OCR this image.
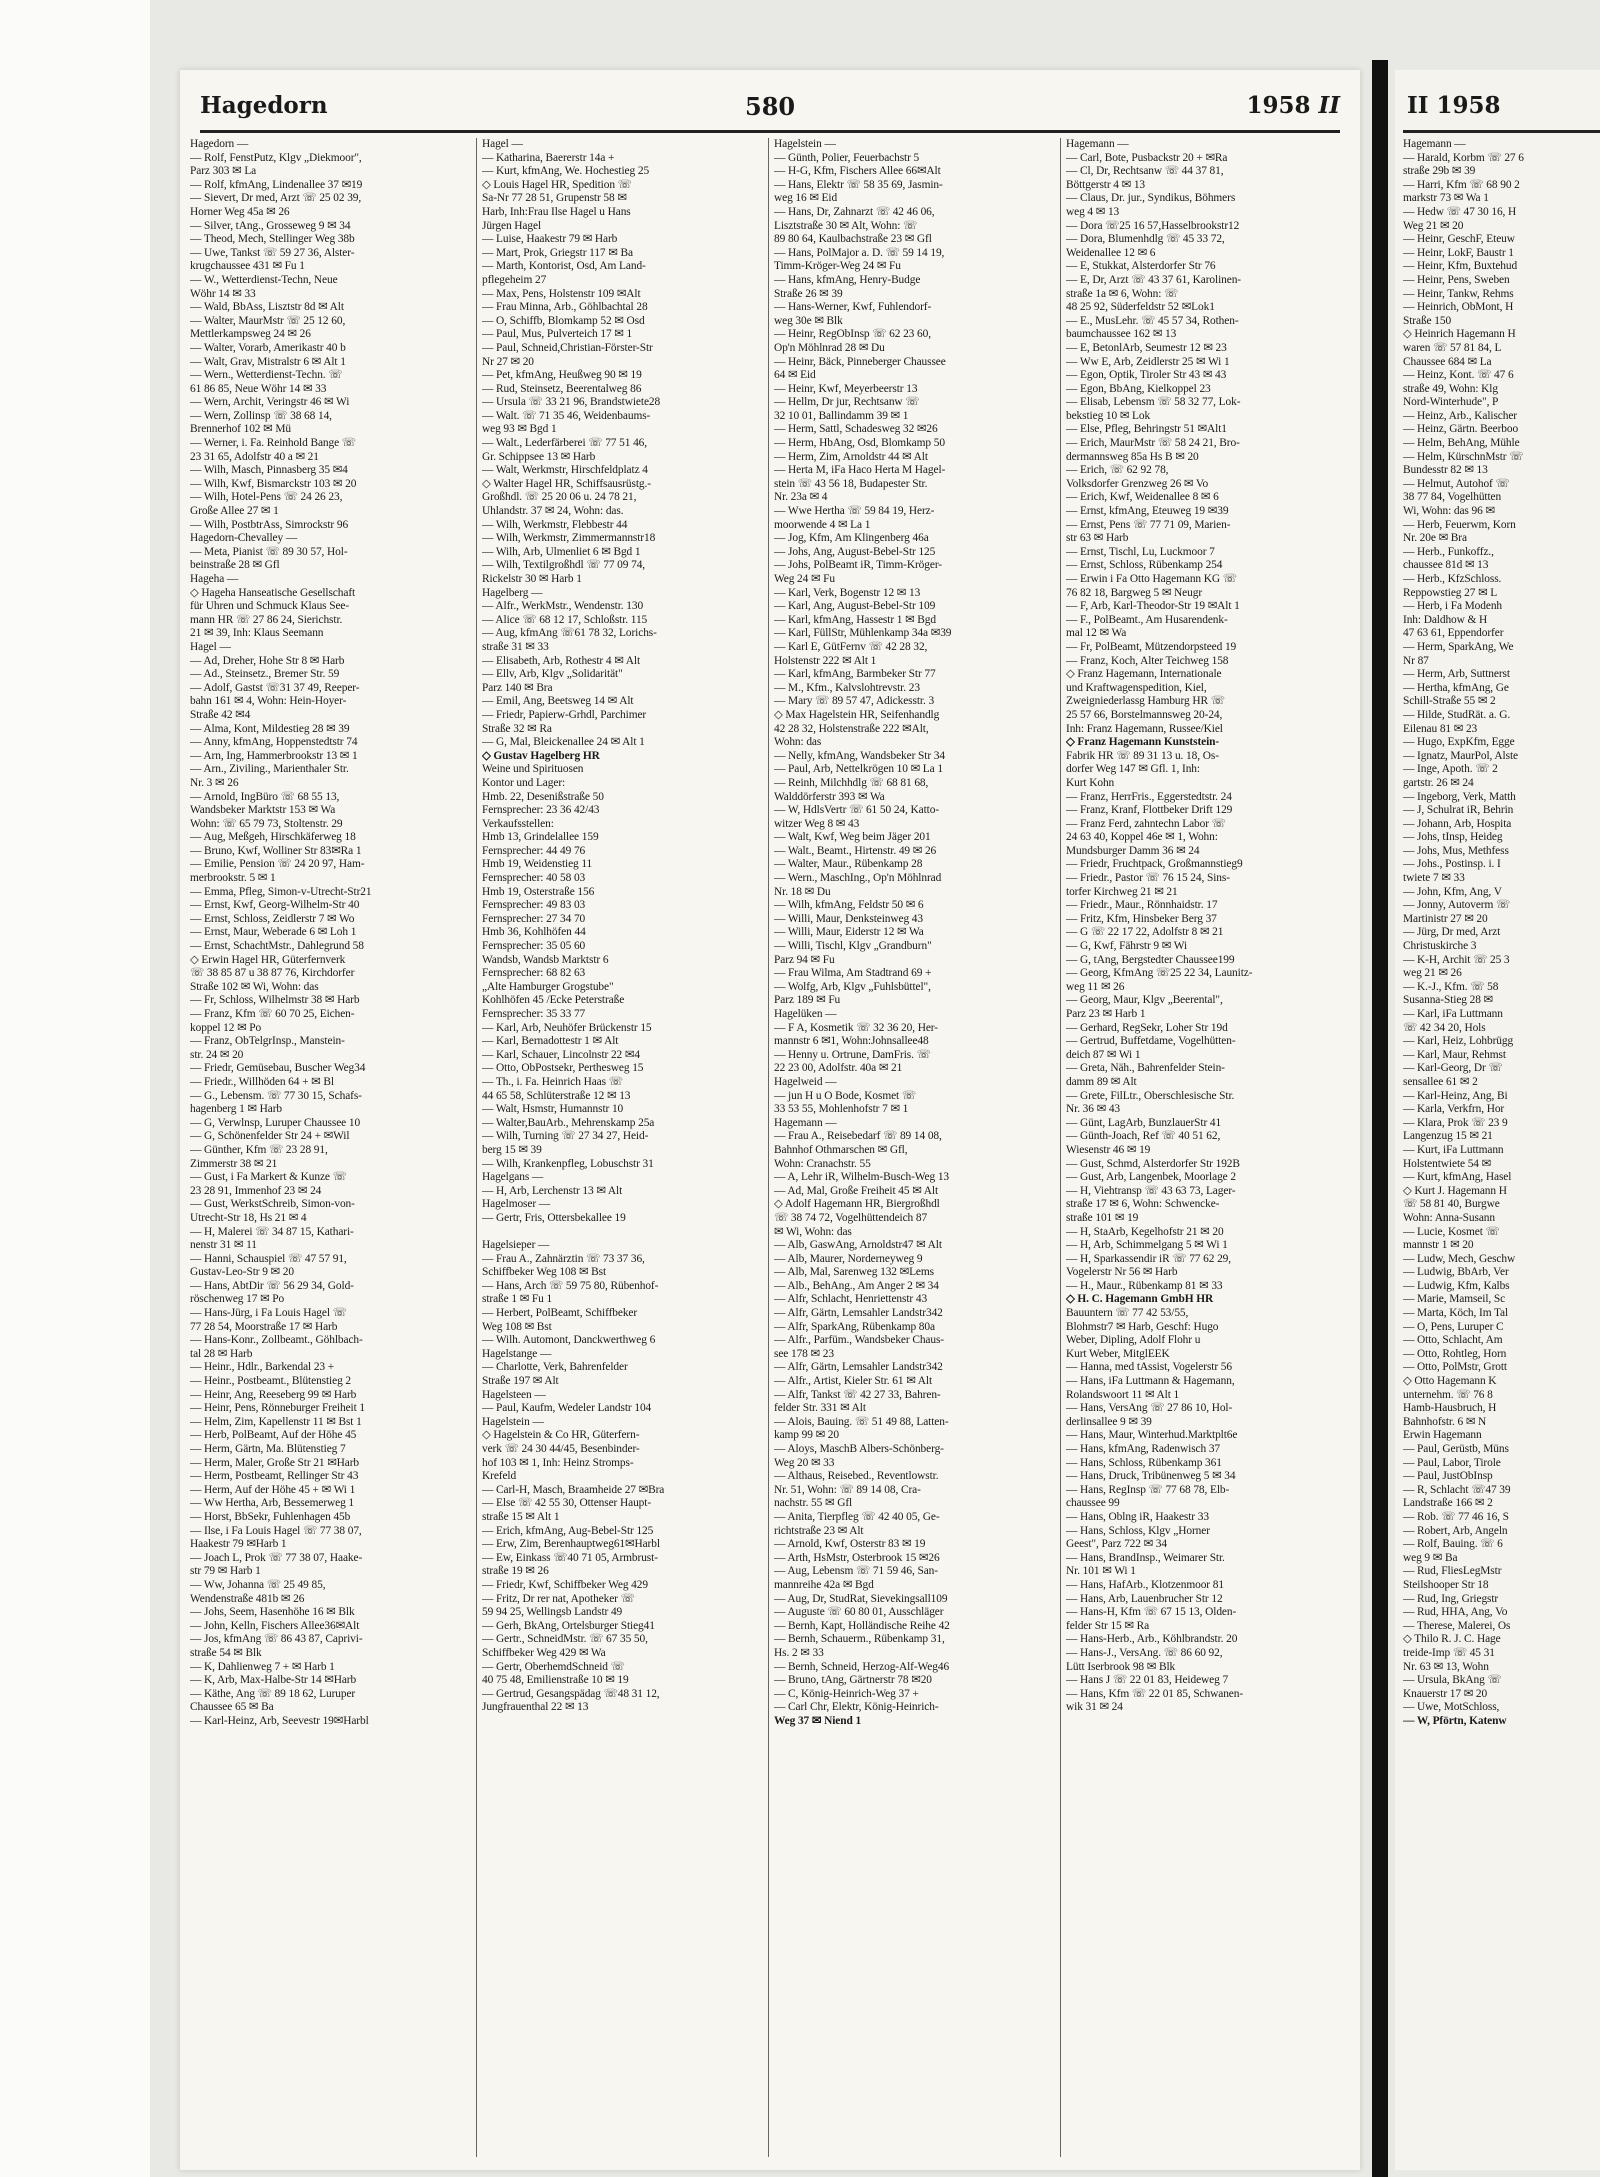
Hagedorn	580	1958 II

Hagedorn —

— Rolf, FenstPutz, Klgv „Diekmoor",

Parz 303 ✉ La

— Rolf, kfmAng, Lindenallee 37 ✉19

— Sievert, Dr med, Arzt ☏ 25 02 39,

Horner Weg 45a ✉ 26

— Silver, tAng., Grosseweg 9 ✉ 34

— Theod, Mech, Stellinger Weg 38b

— Uwe, Tankst ☏ 59 27 36, Alster-

krugchaussee 431 ✉ Fu 1

— W., Wetterdienst-Techn, Neue

Wöhr 14 ✉ 33

— Wald, BbAss, Lisztstr 8d ✉ Alt

— Walter, MaurMstr ☏ 25 12 60,

Mettlerkampsweg 24 ✉ 26

— Walter, Vorarb, Amerikastr 40 b

— Walt, Grav, Mistralstr 6 ✉ Alt 1

— Wern., Wetterdienst-Techn. ☏

61 86 85, Neue Wöhr 14 ✉ 33

— Wern, Archit, Veringstr 46 ✉ Wi

— Wern, Zollinsp ☏ 38 68 14,

Brennerhof 102 ✉ Mü

— Werner, i. Fa. Reinhold Bange ☏

23 31 65, Adolfstr 40 a ✉ 21

— Wilh, Masch, Pinnasberg 35 ✉4

— Wilh, Kwf, Bismarckstr 103 ✉ 20

— Wilh, Hotel-Pens ☏ 24 26 23,

Große Allee 27 ✉ 1

— Wilh, PostbtrAss, Simrockstr 96

Hagedorn-Chevalley —

— Meta, Pianist ☏ 89 30 57, Hol-

beinstraße 28 ✉ Gfl

Hageha —

◇ Hageha Hanseatische Gesellschaft

für Uhren und Schmuck Klaus See-

mann HR ☏ 27 86 24, Sierichstr.

21 ✉ 39, Inh: Klaus Seemann

Hagel —

— Ad, Dreher, Hohe Str 8 ✉ Harb

— Ad., Steinsetz., Bremer Str. 59

— Adolf, Gastst ☏31 37 49, Reeper-

bahn 161 ✉ 4, Wohn: Hein-Hoyer-

Straße 42 ✉4

— Alma, Kont, Mildestieg 28 ✉ 39

— Anny, kfmAng, Hoppenstedtstr 74

— Arn, Ing, Hammerbrookstr 13 ✉ 1

— Arn., Ziviling., Marienthaler Str.

Nr. 3 ✉ 26

— Arnold, IngBüro ☏ 68 55 13,

Wandsbeker Marktstr 153 ✉ Wa

Wohn: ☏ 65 79 73, Stoltenstr. 29

— Aug, Meßgeh, Hirschkäferweg 18

— Bruno, Kwf, Wolliner Str 83✉Ra 1

— Emilie, Pension ☏ 24 20 97, Ham-

merbrookstr. 5 ✉ 1

— Emma, Pfleg, Simon-v-Utrecht-Str21

— Ernst, Kwf, Georg-Wilhelm-Str 40

— Ernst, Schloss, Zeidlerstr 7 ✉ Wo

— Ernst, Maur, Weberade 6 ✉ Loh 1

— Ernst, SchachtMstr., Dahlegrund 58

◇ Erwin Hagel HR, Güterfernverk

☏ 38 85 87 u 38 87 76, Kirchdorfer

Straße 102 ✉ Wi, Wohn: das

— Fr, Schloss, Wilhelmstr 38 ✉ Harb

— Franz, Kfm ☏ 60 70 25, Eichen-

koppel 12 ✉ Po

— Franz, ObTelgrInsp., Manstein-

str. 24 ✉ 20

— Friedr, Gemüsebau, Buscher Weg34

— Friedr., Willhöden 64 + ✉ Bl

— G., Lebensm. ☏ 77 30 15, Schafs-

hagenberg 1 ✉ Harb

— G, Verwlnsp, Luruper Chaussee 10

— G, Schönenfelder Str 24 + ✉Wil

— Günther, Kfm ☏ 23 28 91,

Zimmerstr 38 ✉ 21

— Gust, i Fa Markert & Kunze ☏

23 28 91, Immenhof 23 ✉ 24

— Gust, WerkstSchreib, Simon-von-

Utrecht-Str 18, Hs 21 ✉ 4

— H, Malerei ☏ 34 87 15, Kathari-

nenstr 31 ✉ 11

— Hanni, Schauspiel ☏ 47 57 91,

Gustav-Leo-Str 9 ✉ 20

— Hans, AbtDir ☏ 56 29 34, Gold-

röschenweg 17 ✉ Po

— Hans-Jürg, i Fa Louis Hagel ☏

77 28 54, Moorstraße 17 ✉ Harb

— Hans-Konr., Zollbeamt., Göhlbach-

tal 28 ✉ Harb

— Heinr., Hdlr., Barkendal 23 +

— Heinr., Postbeamt., Blütenstieg 2

— Heinr, Ang, Reeseberg 99 ✉ Harb

— Heinr, Pens, Rönneburger Freiheit 1

— Helm, Zim, Kapellenstr 11 ✉ Bst 1

— Herb, PolBeamt, Auf der Höhe 45

— Herm, Gärtn, Ma. Blütenstieg 7

— Herm, Maler, Große Str 21 ✉Harb

— Herm, Postbeamt, Rellinger Str 43

— Herm, Auf der Höhe 45 + ✉ Wi 1

— Ww Hertha, Arb, Bessemerweg 1

— Horst, BbSekr, Fuhlenhagen 45b

— Ilse, i Fa Louis Hagel ☏ 77 38 07,

Haakestr 79 ✉Harb 1

— Joach L, Prok ☏ 77 38 07, Haake-

str 79 ✉ Harb 1

— Ww, Johanna ☏ 25 49 85,

Wendenstraße 481b ✉ 26

— Johs, Seem, Hasenhöhe 16 ✉ Blk

— John, Kelln, Fischers Allee36✉Alt

— Jos, kfmAng ☏ 86 43 87, Caprivi-

straße 54 ✉ Blk

— K, Dahlienweg 7 + ✉ Harb 1

— K, Arb, Max-Halbe-Str 14 ✉Harb

— Käthe, Ang ☏ 89 18 62, Luruper

Chaussee 65 ✉ Ba

— Karl-Heinz, Arb, Seevestr 19✉Harbl

Hagel —

— Katharina, Baererstr 14a +

— Kurt, kfmAng, We. Hochestieg 25

◇ Louis Hagel HR, Spedition ☏

Sa-Nr 77 28 51, Grupenstr 58 ✉

Harb, Inh:Frau Ilse Hagel u Hans

Jürgen Hagel

— Luise, Haakestr 79 ✉ Harb

— Mart, Prok, Griegstr 117 ✉ Ba

— Marth, Kontorist, Osd, Am Land-

pflegeheim 27

— Max, Pens, Holstenstr 109 ✉Alt

— Frau Minna, Arb., Göhlbachtal 28

— O, Schiffb, Blomkamp 52 ✉ Osd

— Paul, Mus, Pulverteich 17 ✉ 1

— Paul, Schneid,Christian-Förster-Str

Nr 27 ✉ 20

— Pet, kfmAng, Heußweg 90 ✉ 19

— Rud, Steinsetz, Beerentalweg 86

— Ursula ☏ 33 21 96, Brandstwiete28

— Walt. ☏ 71 35 46, Weidenbaums-

weg 93 ✉ Bgd 1

— Walt., Lederfärberei ☏ 77 51 46,

Gr. Schippsee 13 ✉ Harb

— Walt, Werkmstr, Hirschfeldplatz 4

◇ Walter Hagel HR, Schiffsausrüstg.-

Großhdl. ☏ 25 20 06 u. 24 78 21,

Uhlandstr. 37 ✉ 24, Wohn: das.

— Wilh, Werkmstr, Flebbestr 44

— Wilh, Werkmstr, Zimmermannstr18

— Wilh, Arb, Ulmenliet 6 ✉ Bgd 1

— Wilh, Textilgroßhdl ☏ 77 09 74,

Rickelstr 30 ✉ Harb 1

Hagelberg —

— Alfr., WerkMstr., Wendenstr. 130

— Alice ☏ 68 12 17, Schloßstr. 115

— Aug, kfmAng ☏61 78 32, Lorichs-

straße 31 ✉ 33

— Elisabeth, Arb, Rothestr 4 ✉ Alt

— Ellv, Arb, Klgv „Solidarität"

Parz 140 ✉ Bra

— Emil, Ang, Beetsweg 14 ✉ Alt

— Friedr, Papierw-Grhdl, Parchimer

Straße 32 ✉ Ra

— G, Mal, Bleickenallee 24 ✉ Alt 1

◇ Gustav Hagelberg HR

Weine und Spirituosen

Kontor und Lager:

Hmb. 22, Desenißstraße 50

Fernsprecher: 23 36 42/43

Verkaufsstellen:

Hmb 13, Grindelallee 159

Fernsprecher: 44 49 76

Hmb 19, Weidenstieg 11

Fernsprecher: 40 58 03

Hmb 19, Osterstraße 156

Fernsprecher: 49 83 03

Fernsprecher: 27 34 70

Hmb 36, Kohlhöfen 44

Fernsprecher: 35 05 60

Wandsb, Wandsb Marktstr 6

Fernsprecher: 68 82 63

„Alte Hamburger Grogstube"

Kohlhöfen 45 /Ecke Peterstraße

Fernsprecher: 35 33 77

— Karl, Arb, Neuhöfer Brückenstr 15

— Karl, Bernadottestr 1 ✉ Alt

— Karl, Schauer, Lincolnstr 22 ✉4

— Otto, ObPostsekr, Perthesweg 15

— Th., i. Fa. Heinrich Haas ☏

44 65 58, Schlüterstraße 12 ✉ 13

— Walt, Hsmstr, Humannstr 10

— Walter,BauArb., Mehrenskamp 25a

— Wilh, Turning ☏ 27 34 27, Heid-

berg 15 ✉ 39

— Wilh, Krankenpfleg, Lobuschstr 31

Hagelgans —

— H, Arb, Lerchenstr 13 ✉ Alt

Hagelmoser —

— Gertr, Fris, Ottersbekallee 19

Hagelsieper —

— Frau A., Zahnärztin ☏ 73 37 36,

Schiffbeker Weg 108 ✉ Bst

— Hans, Arch ☏ 59 75 80, Rübenhof-

straße 1 ✉ Fu 1

— Herbert, PolBeamt, Schiffbeker

Weg 108 ✉ Bst

— Wilh. Automont, Danckwerthweg 6

Hagelstange —

— Charlotte, Verk, Bahrenfelder

Straße 197 ✉ Alt

Hagelsteen —

— Paul, Kaufm, Wedeler Landstr 104

Hagelstein —

◇ Hagelstein & Co HR, Güterfern-

verk ☏ 24 30 44/45, Besenbinder-

hof 103 ✉ 1, Inh: Heinz Stromps-

Krefeld

— Carl-H, Masch, Braamheide 27 ✉Bra

— Else ☏ 42 55 30, Ottenser Haupt-

straße 15 ✉ Alt 1

— Erich, kfmAng, Aug-Bebel-Str 125

— Erw, Zim, Berenhauptweg61✉Harbl

— Ew, Einkass ☏40 71 05, Armbrust-

straße 19 ✉ 26

— Friedr, Kwf, Schiffbeker Weg 429

— Fritz, Dr rer nat, Apotheker ☏

59 94 25, Wellingsb Landstr 49

— Gerh, BkAng, Ortelsburger Stieg41

— Gertr., SchneidMstr. ☏ 67 35 50,

Schiffbeker Weg 429 ✉ Wa

— Gertr, OberhemdSchneid ☏

40 75 48, Emilienstraße 10 ✉ 19

— Gertrud, Gesangspädag ☏48 31 12,

Jungfrauenthal 22 ✉ 13

Hagelstein —

— Günth, Polier, Feuerbachstr 5

— H-G, Kfm, Fischers Allee 66✉Alt

— Hans, Elektr ☏ 58 35 69, Jasmin-

weg 16 ✉ Eid

— Hans, Dr, Zahnarzt ☏ 42 46 06,

Lisztstraße 30 ✉ Alt, Wohn: ☏

89 80 64, Kaulbachstraße 23 ✉ Gfl

— Hans, PolMajor a. D. ☏ 59 14 19,

Timm-Kröger-Weg 24 ✉ Fu

— Hans, kfmAng, Henry-Budge

Straße 26 ✉ 39

— Hans-Werner, Kwf, Fuhlendorf-

weg 30e ✉ Blk

— Heinr, RegObInsp ☏ 62 23 60,

Op'n Möhlnrad 28 ✉ Du

— Heinr, Bäck, Pinneberger Chaussee

64 ✉ Eid

— Heinr, Kwf, Meyerbeerstr 13

— Hellm, Dr jur, Rechtsanw ☏

32 10 01, Ballindamm 39 ✉ 1

— Herm, Sattl, Schadesweg 32 ✉26

— Herm, HbAng, Osd, Blomkamp 50

— Herm, Zim, Arnoldstr 44 ✉ Alt

— Herta M, iFa Haco Herta M Hagel-

stein ☏ 43 56 18, Budapester Str.

Nr. 23a ✉ 4

— Wwe Hertha ☏ 59 84 19, Herz-

moorwende 4 ✉ La 1

— Jog, Kfm, Am Klingenberg 46a

— Johs, Ang, August-Bebel-Str 125

— Johs, PolBeamt iR, Timm-Kröger-

Weg 24 ✉ Fu

— Karl, Verk, Bogenstr 12 ✉ 13

— Karl, Ang, August-Bebel-Str 109

— Karl, kfmAng, Hassestr 1 ✉ Bgd

— Karl, FüllStr, Mühlenkamp 34a ✉39

— Karl E, GütFernv ☏ 42 28 32,

Holstenstr 222 ✉ Alt 1

— Karl, kfmAng, Barmbeker Str 77

— M., Kfm., Kalvslohtrevstr. 23

— Mary ☏ 89 57 47, Adickesstr. 3

◇ Max Hagelstein HR, Seifenhandlg

42 28 32, Holstenstraße 222 ✉Alt,

Wohn: das

— Nelly, kfmAng, Wandsbeker Str 34

— Paul, Arb, Nettelkrögen 10 ✉ La 1

— Reinh, Milchhdlg ☏ 68 81 68,

Walddörferstr 393 ✉ Wa

— W, HdlsVertr ☏ 61 50 24, Katto-

witzer Weg 8 ✉ 43

— Walt, Kwf, Weg beim Jäger 201

— Walt., Beamt., Hirtenstr. 49 ✉ 26

— Walter, Maur., Rübenkamp 28

— Wern., MaschIng., Op'n Möhlnrad

Nr. 18 ✉ Du

— Wilh, kfmAng, Feldstr 50 ✉ 6

— Willi, Maur, Denksteinweg 43

— Willi, Maur, Eiderstr 12 ✉ Wa

— Willi, Tischl, Klgv „Grandburn"

Parz 94 ✉ Fu

— Frau Wilma, Am Stadtrand 69 +

— Wolfg, Arb, Klgv „Fuhlsbüttel",

Parz 189 ✉ Fu

Hagelüken —

— F A, Kosmetik ☏ 32 36 20, Her-

mannstr 6 ✉1, Wohn:Johnsallee48

— Henny u. Ortrune, DamFris. ☏

22 23 00, Adolfstr. 40a ✉ 21

Hagelweid —

— jun H u O Bode, Kosmet ☏

33 53 55, Mohlenhofstr 7 ✉ 1

Hagemann —

— Frau A., Reisebedarf ☏ 89 14 08,

Bahnhof Othmarschen ✉ Gfl,

Wohn: Cranachstr. 55

— A, Lehr iR, Wilhelm-Busch-Weg 13

— Ad, Mal, Große Freiheit 45 ✉ Alt

◇ Adolf Hagemann HR, Biergroßhdl

☏ 38 74 72, Vogelhüttendeich 87

✉ Wi, Wohn: das

— Alb, GaswAng, Arnoldstr47 ✉ Alt

— Alb, Maurer, Norderneyweg 9

— Alb, Mal, Sarenweg 132 ✉Lems

— Alb., BehAng., Am Anger 2 ✉ 34

— Alfr, Schlacht, Henriettenstr 43

— Alfr, Gärtn, Lemsahler Landstr342

— Alfr, SparkAng, Rübenkamp 80a

— Alfr., Parfüm., Wandsbeker Chaus-

see 178 ✉ 23

— Alfr, Gärtn, Lemsahler Landstr342

— Alfr., Artist, Kieler Str. 61 ✉ Alt

— Alfr, Tankst ☏ 42 27 33, Bahren-

felder Str. 331 ✉ Alt

— Alois, Bauing. ☏ 51 49 88, Latten-

kamp 99 ✉ 20

— Aloys, MaschB Albers-Schönberg-

Weg 20 ✉ 33

— Althaus, Reisebed., Reventlowstr.

Nr. 51, Wohn: ☏ 89 14 08, Cra-

nachstr. 55 ✉ Gfl

— Anita, Tierpfleg ☏ 42 40 05, Ge-

richtstraße 23 ✉ Alt

— Arnold, Kwf, Osterstr 83 ✉ 19

— Arth, HsMstr, Osterbrook 15 ✉26

— Aug, Lebensm ☏ 71 59 46, San-

mannreihe 42a ✉ Bgd

— Aug, Dr, StudRat, Sievekingsall109

— Auguste ☏ 60 80 01, Ausschläger

— Bernh, Kapt, Holländische Reihe 42

— Bernh, Schauerm., Rübenkamp 31,

Hs. 2 ✉ 33

— Bernh, Schneid, Herzog-Alf-Weg46

— Bruno, tAng, Gärtnerstr 78 ✉20

— C, König-Heinrich-Weg 37 +

— Carl Chr, Elektr, König-Heinrich-

Weg 37 ✉ Niend 1

Hagemann —

— Carl, Bote, Pusbackstr 20 + ✉Ra

— Cl, Dr, Rechtsanw ☏ 44 37 81,

Böttgerstr 4 ✉ 13

— Claus, Dr. jur., Syndikus, Böhmers

weg 4 ✉ 13

— Dora ☏25 16 57,Hasselbrookstr12

— Dora, Blumenhdlg ☏ 45 33 72,

Weidenallee 12 ✉ 6

— E, Stukkat, Alsterdorfer Str 76

— E, Dr, Arzt ☏ 43 37 61, Karolinen-

straße 1a ✉ 6, Wohn: ☏

48 25 92, Süderfeldstr 52 ✉Lok1

— E., MusLehr. ☏ 45 57 34, Rothen-

baumchaussee 162 ✉ 13

— E, BetonlArb, Seumestr 12 ✉ 23

— Ww E, Arb, Zeidlerstr 25 ✉ Wi 1

— Egon, Optik, Tiroler Str 43 ✉ 43

— Egon, BbAng, Kielkoppel 23

— Elisab, Lebensm ☏ 58 32 77, Lok-

bekstieg 10 ✉ Lok

— Else, Pfleg, Behringstr 51 ✉Alt1

— Erich, MaurMstr ☏ 58 24 21, Bro-

dermannsweg 85a Hs B ✉ 20

— Erich, ☏ 62 92 78,

Volksdorfer Grenzweg 26 ✉ Vo

— Erich, Kwf, Weidenallee 8 ✉ 6

— Ernst, kfmAng, Eteuweg 19 ✉39

— Ernst, Pens ☏ 77 71 09, Marien-

str 63 ✉ Harb

— Ernst, Tischl, Lu, Luckmoor 7

— Ernst, Schloss, Rübenkamp 254

— Erwin i Fa Otto Hagemann KG ☏

76 82 18, Bargweg 5 ✉ Neugr

— F, Arb, Karl-Theodor-Str 19 ✉Alt 1

— F., PolBeamt., Am Husarendenk-

mal 12 ✉ Wa

— Fr, PolBeamt, Mützendorpsteed 19

— Franz, Koch, Alter Teichweg 158

◇ Franz Hagemann, Internationale

und Kraftwagenspedition, Kiel,

Zweigniederlassg Hamburg HR ☏

25 57 66, Borstelmannsweg 20-24,

Inh: Franz Hagemann, Russee/Kiel

◇ Franz Hagemann Kunststein-

Fabrik HR ☏ 89 31 13 u. 18, Os-

dorfer Weg 147 ✉ Gfl. 1, Inh:

Kurt Kohn

— Franz, HerrFris., Eggerstedtstr. 24

— Franz, Kranf, Flottbeker Drift 129

— Franz Ferd, zahntechn Labor ☏

24 63 40, Koppel 46e ✉ 1, Wohn:

Mundsburger Damm 36 ✉ 24

— Friedr, Fruchtpack, Großmannstieg9

— Friedr., Pastor ☏ 76 15 24, Sins-

torfer Kirchweg 21 ✉ 21

— Friedr., Maur., Rönnhaidstr. 17

— Fritz, Kfm, Hinsbeker Berg 37

— G ☏ 22 17 22, Adolfstr 8 ✉ 21

— G, Kwf, Fährstr 9 ✉ Wi

— G, tAng, Bergstedter Chaussee199

— Georg, KfmAng ☏25 22 34, Launitz-

weg 11 ✉ 26

— Georg, Maur, Klgv „Beerental",

Parz 23 ✉ Harb 1

— Gerhard, RegSekr, Loher Str 19d

— Gertrud, Buffetdame, Vogelhütten-

deich 87 ✉ Wi 1

— Greta, Näh., Bahrenfelder Stein-

damm 89 ✉ Alt

— Grete, FilLtr., Oberschlesische Str.

Nr. 36 ✉ 43

— Günt, LagArb, BunzlauerStr 41

— Günth-Joach, Ref ☏ 40 51 62,

Wiesenstr 46 ✉ 19

— Gust, Schmd, Alsterdorfer Str 192B

— Gust, Arb, Langenbek, Moorlage 2

— H, Viehtransp ☏ 43 63 73, Lager-

straße 17 ✉ 6, Wohn: Schwencke-

straße 101 ✉ 19

— H, StaArb, Kegelhofstr 21 ✉ 20

— H, Arb, Schimmelgang 5 ✉ Wi 1

— H, Sparkassendir iR ☏ 77 62 29,

Vogelerstr Nr 56 ✉ Harb

— H., Maur., Rübenkamp 81 ✉ 33

◇ H. C. Hagemann GmbH HR

Bauuntern ☏ 77 42 53/55,

Blohmstr7 ✉ Harb, Geschf: Hugo

Weber, Dipling, Adolf Flohr u

Kurt Weber, MitglEEK

— Hanna, med tAssist, Vogelerstr 56

— Hans, iFa Luttmann & Hagemann,

Rolandswoort 11 ✉ Alt 1

— Hans, VersAng ☏ 27 86 10, Hol-

derlinsallee 9 ✉ 39

— Hans, Maur, Winterhud.Marktplt6e

— Hans, kfmAng, Radenwisch 37

— Hans, Schloss, Rübenkamp 361

— Hans, Druck, Tribünenweg 5 ✉ 34

— Hans, RegInsp ☏ 77 68 78, Elb-

chaussee 99

— Hans, Oblng iR, Haakestr 33

— Hans, Schloss, Klgv „Horner

Geest", Parz 722 ✉ 34

— Hans, BrandInsp., Weimarer Str.

Nr. 101 ✉ Wi 1

— Hans, HafArb., Klotzenmoor 81

— Hans, Arb, Lauenbrucher Str 12

— Hans-H, Kfm ☏ 67 15 13, Olden-

felder Str 15 ✉ Ra

— Hans-Herb., Arb., Köhlbrandstr. 20

— Hans-J., VersAng. ☏ 86 60 92,

Lütt Iserbrook 98 ✉ Blk

— Hans J ☏ 22 01 83, Heideweg 7

— Hans, Kfm ☏ 22 01 85, Schwanen-

wik 31 ✉ 24

II 1958

Hagemann —

— Harald, Korbm ☏ 27 6

straße 29b ✉ 39

— Harri, Kfm ☏ 68 90 2

markstr 73 ✉ Wa 1

— Hedw ☏ 47 30 16, H

Weg 21 ✉ 20

— Heinr, GeschF, Eteuw

— Heinr, LokF, Baustr 1

— Heinr, Kfm, Buxtehud

— Heinr, Pens, Sweben

— Heinr, Tankw, Rehms

— Heinrich, ObMont, H

Straße 150

◇ Heinrich Hagemann H

waren ☏ 57 81 84, L

Chaussee 684 ✉ La

— Heinz, Kont. ☏ 47 6

straße 49, Wohn: Klg

Nord-Winterhude", P

— Heinz, Arb., Kalischer

— Heinz, Gärtn. Beerboo

— Helm, BehAng, Mühle

— Helm, KürschnMstr ☏

Bundesstr 82 ✉ 13

— Helmut, Autohof ☏

38 77 84, Vogelhütten

Wi, Wohn: das 96 ✉

— Herb, Feuerwm, Korn

Nr. 20e ✉ Bra

— Herb., Funkoffz.,

chaussee 81d ✉ 13

— Herb., KfzSchloss.

Reppowstieg 27 ✉ L

— Herb, i Fa Modenh

Inh: Daldhow & H

47 63 61, Eppendorfer

— Herm, SparkAng, We

Nr 87

— Herm, Arb, Suttnerst

— Hertha, kfmAng, Ge

Schill-Straße 55 ✉ 2

— Hilde, StudRät. a. G.

Eilenau 81 ✉ 23

— Hugo, ExpKfm, Egge

— Ignatz, MaurPol, Alste

— Inge, Apoth. ☏ 2

gartstr. 26 ✉ 24

— Ingeborg, Verk, Matth

— J, Schulrat iR, Behrin

— Johann, Arb, Hospita

— Johs, tInsp, Heideg

— Johs, Mus, Methfess

— Johs., Postinsp. i. I

twiete 7 ✉ 33

— John, Kfm, Ang, V

— Jonny, Autoverm ☏

Martinistr 27 ✉ 20

— Jürg, Dr med, Arzt

Christuskirche 3

— K-H, Archit ☏ 25 3

weg 21 ✉ 26

— K.-J., Kfm. ☏ 58

Susanna-Stieg 28 ✉

— Karl, iFa Luttmann

☏ 42 34 20, Hols

— Karl, Heiz, Lohbrügg

— Karl, Maur, Rehmst

— Karl-Georg, Dr ☏

sensallee 61 ✉ 2

— Karl-Heinz, Ang, Bi

— Karla, Verkfrn, Hor

— Klara, Prok ☏ 23 9

Langenzug 15 ✉ 21

— Kurt, iFa Luttmann

Holstentwiete 54 ✉

— Kurt, kfmAng, Hasel

◇ Kurt J. Hagemann H

☏ 58 81 40, Burgwe

Wohn: Anna-Susann

— Lucie, Kosmet ☏

mannstr 1 ✉ 20

— Ludw, Mech, Geschw

— Ludwig, BbArb, Ver

— Ludwig, Kfm, Kalbs

— Marie, Mamseil, Sc

— Marta, Köch, Im Tal

— O, Pens, Luruper C

— Otto, Schlacht, Am

— Otto, Rohtleg, Horn

— Otto, PolMstr, Grott

◇ Otto Hagemann K

unternehm. ☏ 76 8

Hamb-Hausbruch, H

Bahnhofstr. 6 ✉ N

Erwin Hagemann

— Paul, Gerüstb, Müns

— Paul, Labor, Tirole

— Paul, JustObInsp

— R, Schlacht ☏47 39

Landstraße 166 ✉ 2

— Rob. ☏ 77 46 16, S

— Robert, Arb, Angeln

— Rolf, Bauing. ☏ 6

weg 9 ✉ Ba

— Rud, FliesLegMstr

Steilshooper Str 18

— Rud, Ing, Griegstr

— Rud, HHA, Ang, Vo

— Therese, Malerei, Os

◇ Thilo R. J. C. Hage

treide-Imp ☏ 45 31

Nr. 63 ✉ 13, Wohn

— Ursula, BkAng ☏

Knauerstr 17 ✉ 20

— Uwe, MotSchloss,

— W, Pförtn, Katenw
